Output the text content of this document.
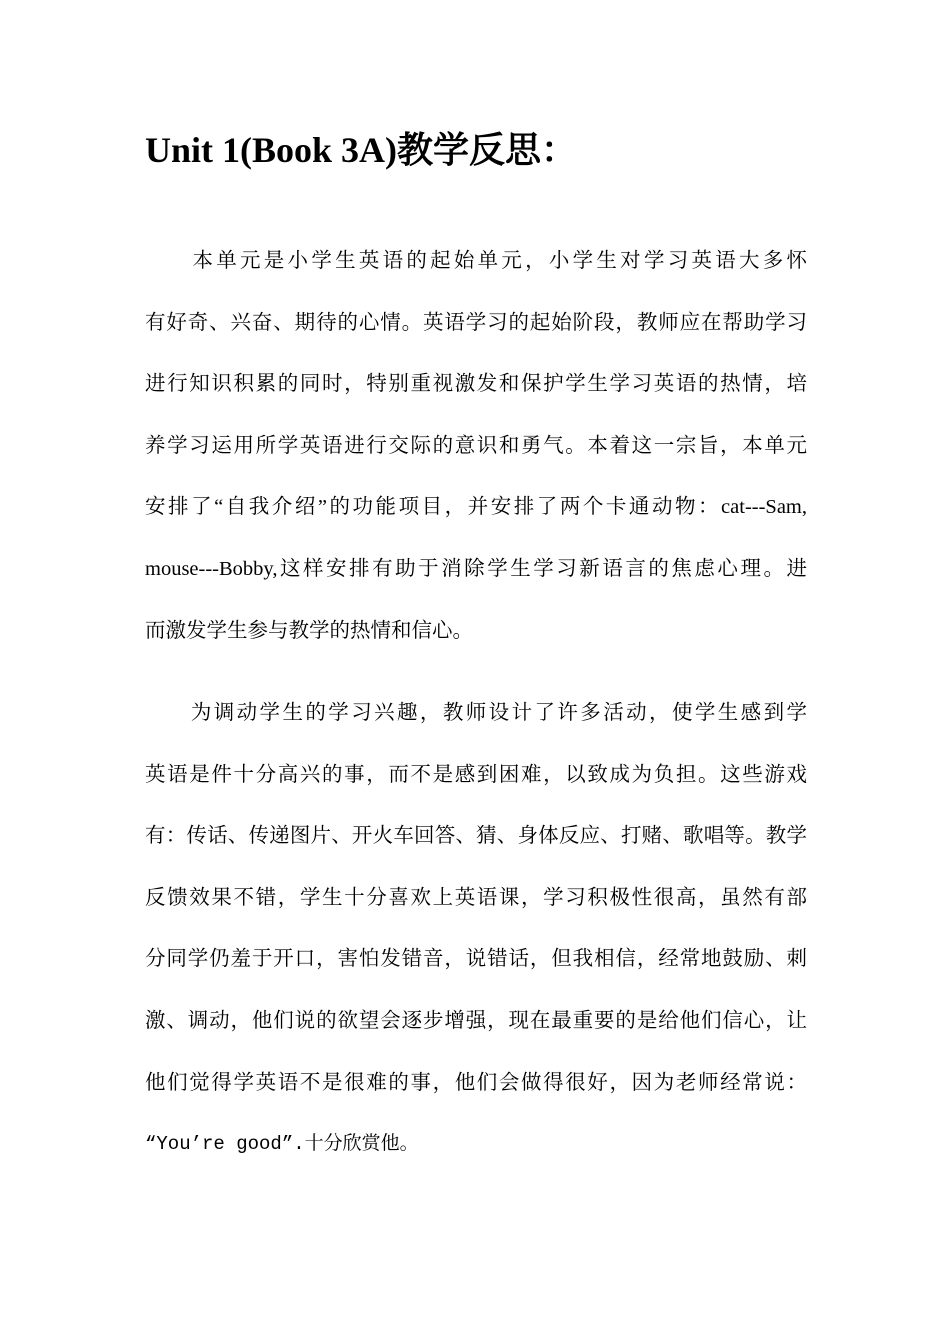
Unit 1(Book 3A)教学反思：
　　本单元是小学生英语的起始单元，小学生对学习英语大多怀
有好奇、兴奋、期待的心情。英语学习的起始阶段，教师应在帮助学习
进行知识积累的同时，特别重视激发和保护学生学习英语的热情，培
养学习运用所学英语进行交际的意识和勇气。本着这一宗旨，本单元
安排了“自我介绍”的功能项目，并安排了两个卡通动物：cat---Sam,
mouse---Bobby,这样安排有助于消除学生学习新语言的焦虑心理。进
而激发学生参与教学的热情和信心。
　　为调动学生的学习兴趣，教师设计了许多活动，使学生感到学
英语是件十分高兴的事，而不是感到困难，以致成为负担。这些游戏
有：传话、传递图片、开火车回答、猜、身体反应、打赌、歌唱等。教学
反馈效果不错，学生十分喜欢上英语课，学习积极性很高，虽然有部
分同学仍羞于开口，害怕发错音，说错话，但我相信，经常地鼓励、刺
激、调动，他们说的欲望会逐步增强，现在最重要的是给他们信心，让
他们觉得学英语不是很难的事，他们会做得很好，因为老师经常说：
“You’re good”.十分欣赏他。
